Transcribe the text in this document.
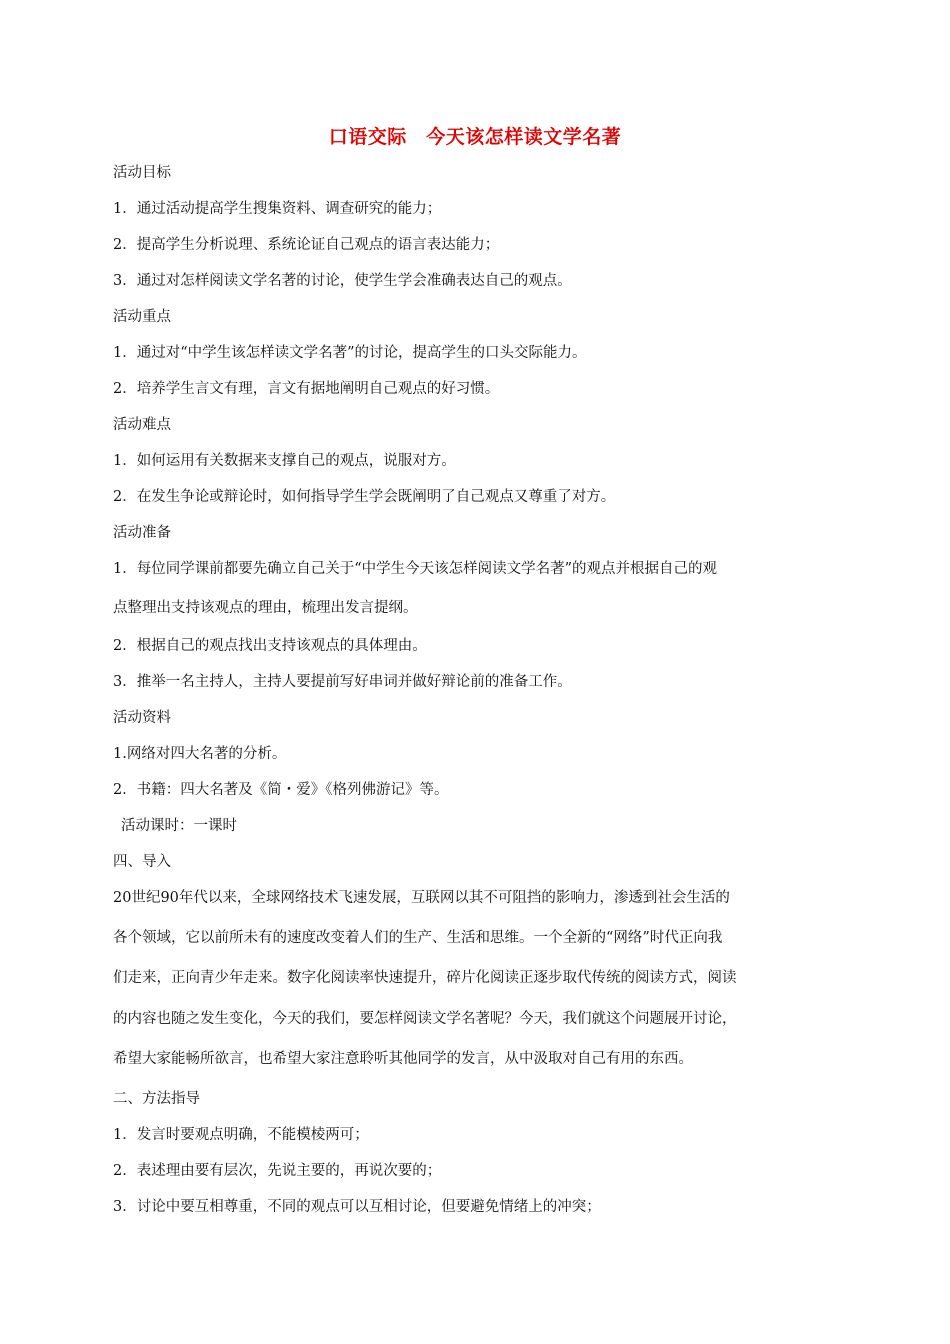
口语交际　今天该怎样读文学名著
活动目标
1．通过活动提高学生搜集资料、调查研究的能力；
2．提高学生分析说理、系统论证自己观点的语言表达能力；
3．通过对怎样阅读文学名著的讨论，使学生学会准确表达自己的观点。
活动重点
1．通过对“中学生该怎样读文学名著”的讨论，提高学生的口头交际能力。
2．培养学生言文有理，言文有据地阐明自己观点的好习惯。
活动难点
1．如何运用有关数据来支撑自己的观点，说服对方。
2．在发生争论或辩论时，如何指导学生学会既阐明了自己观点又尊重了对方。
活动准备
1．每位同学课前都要先确立自己关于“中学生今天该怎样阅读文学名著”的观点并根据自己的观
点整理出支持该观点的理由，梳理出发言提纲。
2．根据自己的观点找出支持该观点的具体理由。
3．推举一名主持人，主持人要提前写好串词并做好辩论前的准备工作。
活动资料
1.网络对四大名著的分析。
2．书籍：四大名著及《简・爱》《格列佛游记》等。
活动课时：一课时
四、导入
20世纪90年代以来，全球网络技术飞速发展，互联网以其不可阻挡的影响力，渗透到社会生活的
各个领域，它以前所未有的速度改变着人们的生产、生活和思维。一个全新的“网络”时代正向我
们走来，正向青少年走来。数字化阅读率快速提升，碎片化阅读正逐步取代传统的阅读方式，阅读
的内容也随之发生变化，今天的我们，要怎样阅读文学名著呢？今天，我们就这个问题展开讨论，
希望大家能畅所欲言，也希望大家注意聆听其他同学的发言，从中汲取对自己有用的东西。
二、方法指导
1．发言时要观点明确，不能模棱两可；
2．表述理由要有层次，先说主要的，再说次要的；
3．讨论中要互相尊重，不同的观点可以互相讨论，但要避免情绪上的冲突；
